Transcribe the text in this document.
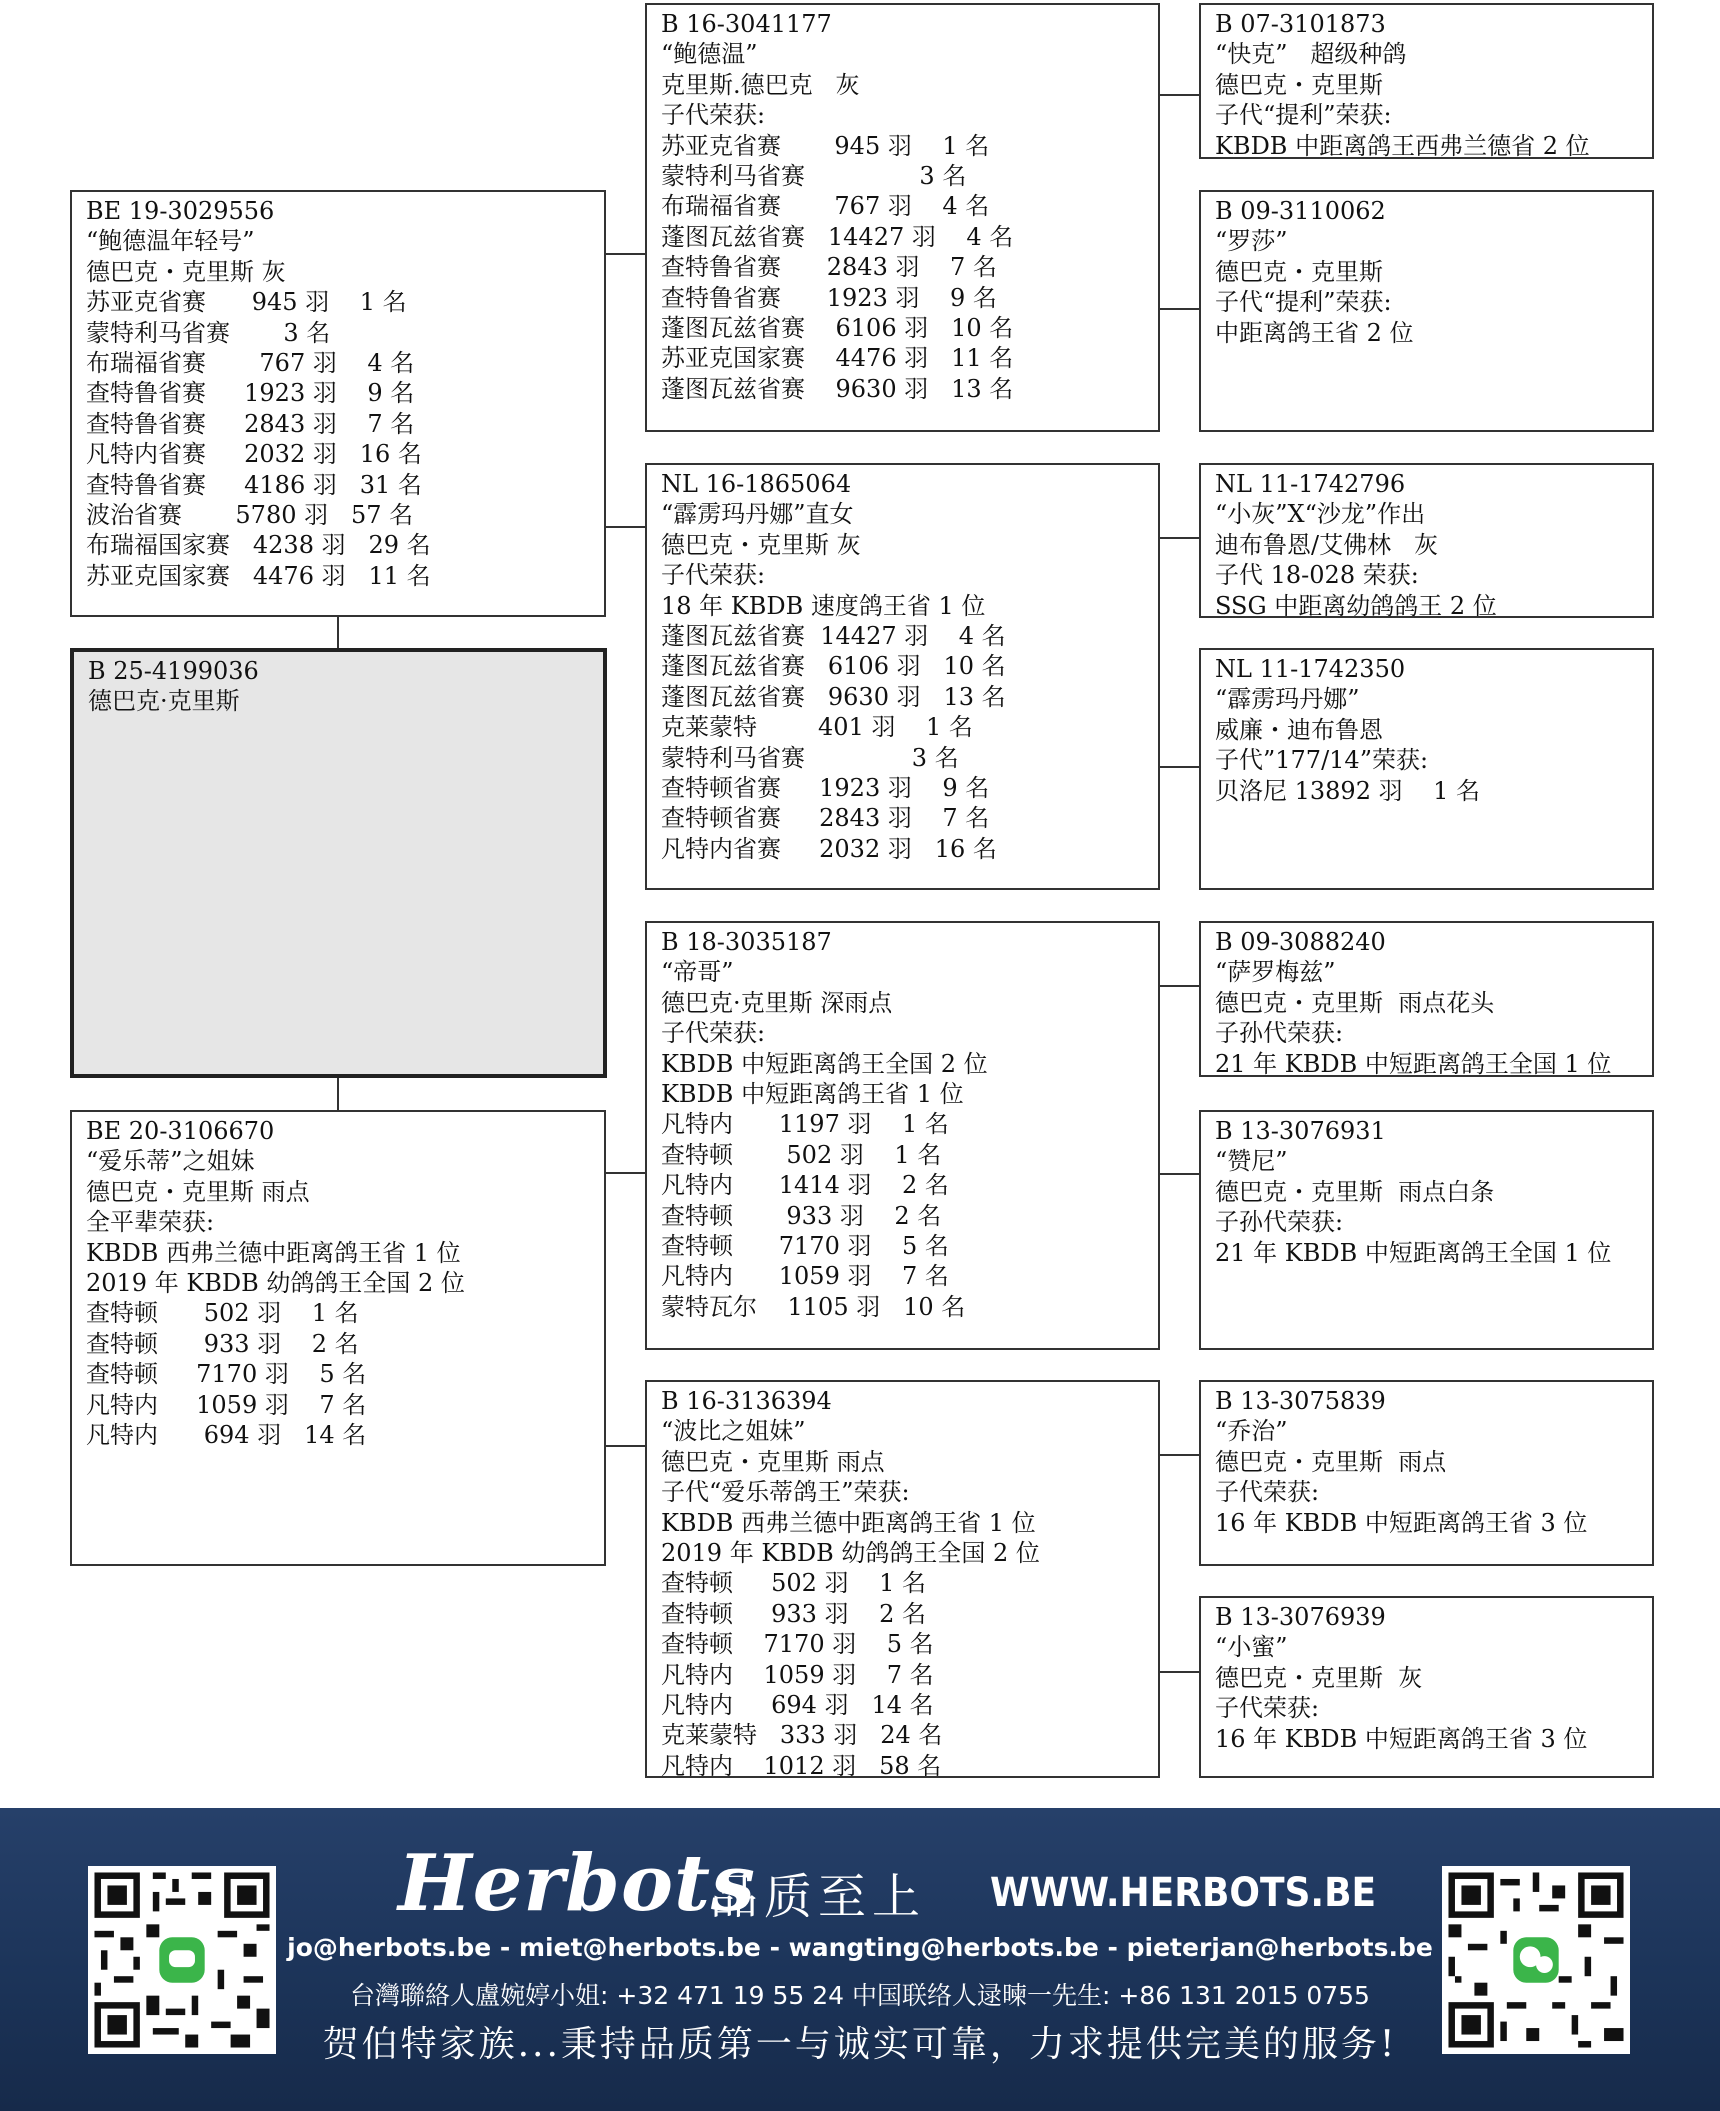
BE 19-3029556
“鲍德温年轻号”
德巴克・克里斯 灰
苏亚克省赛      945 羽    1 名
蒙特利马省赛       3 名
布瑞福省赛       767 羽    4 名
查特鲁省赛     1923 羽    9 名
查特鲁省赛     2843 羽    7 名
凡特内省赛     2032 羽   16 名
查特鲁省赛     4186 羽   31 名
波治省赛       5780 羽   57 名
布瑞福国家赛   4238 羽   29 名
苏亚克国家赛   4476 羽   11 名
B 25-4199036
德巴克·克里斯
BE 20-3106670
“爱乐蒂”之姐妹
德巴克・克里斯 雨点
全平辈荣获:
KBDB 西弗兰德中距离鸽王省 1 位
2019 年 KBDB 幼鸽鸽王全国 2 位
查特顿      502 羽    1 名
查特顿      933 羽    2 名
查特顿     7170 羽    5 名
凡特内     1059 羽    7 名
凡特内      694 羽   14 名
B 16-3041177
“鲍德温”
克里斯.德巴克   灰
子代荣获:
苏亚克省赛       945 羽    1 名
蒙特利马省赛               3 名
布瑞福省赛       767 羽    4 名
蓬图瓦兹省赛   14427 羽    4 名
查特鲁省赛      2843 羽    7 名
查特鲁省赛      1923 羽    9 名
蓬图瓦兹省赛    6106 羽   10 名
苏亚克国家赛    4476 羽   11 名
蓬图瓦兹省赛    9630 羽   13 名
NL 16-1865064
“霹雳玛丹娜”直女
德巴克・克里斯 灰
子代荣获:
18 年 KBDB 速度鸽王省 1 位
蓬图瓦兹省赛  14427 羽    4 名
蓬图瓦兹省赛   6106 羽   10 名
蓬图瓦兹省赛   9630 羽   13 名
克莱蒙特        401 羽    1 名
蒙特利马省赛              3 名
查特顿省赛     1923 羽    9 名
查特顿省赛     2843 羽    7 名
凡特内省赛     2032 羽   16 名
B 18-3035187
“帝哥”
德巴克·克里斯 深雨点
子代荣获:
KBDB 中短距离鸽王全国 2 位
KBDB 中短距离鸽王省 1 位
凡特内      1197 羽    1 名
查特顿       502 羽    1 名
凡特内      1414 羽    2 名
查特顿       933 羽    2 名
查特顿      7170 羽    5 名
凡特内      1059 羽    7 名
蒙特瓦尔    1105 羽   10 名
B 16-3136394
“波比之姐妹”
德巴克・克里斯 雨点
子代“爱乐蒂鸽王”荣获:
KBDB 西弗兰德中距离鸽王省 1 位
2019 年 KBDB 幼鸽鸽王全国 2 位
查特顿     502 羽    1 名
查特顿     933 羽    2 名
查特顿    7170 羽    5 名
凡特内    1059 羽    7 名
凡特内     694 羽   14 名
克莱蒙特   333 羽   24 名
凡特内    1012 羽   58 名
B 07-3101873
“快克”   超级种鸽
德巴克・克里斯
子代“提利”荣获:
KBDB 中距离鸽王西弗兰德省 2 位
B 09-3110062
“罗莎”
德巴克・克里斯
子代“提利”荣获:
中距离鸽王省 2 位
NL 11-1742796
“小灰”X“沙龙”作出
迪布鲁恩/艾佛林   灰
子代 18-028 荣获:
SSG 中距离幼鸽鸽王 2 位
NL 11-1742350
“霹雳玛丹娜”
威廉・迪布鲁恩
子代”177/14”荣获:
贝洛尼 13892 羽    1 名
B 09-3088240
“萨罗梅兹”
德巴克・克里斯  雨点花头
子孙代荣获:
21 年 KBDB 中短距离鸽王全国 1 位
B 13-3076931
“赞尼”
德巴克・克里斯  雨点白条
子孙代荣获:
21 年 KBDB 中短距离鸽王全国 1 位
B 13-3075839
“乔治”
德巴克・克里斯  雨点
子代荣获:
16 年 KBDB 中短距离鸽王省 3 位
B 13-3076939
“小蜜”
德巴克・克里斯  灰
子代荣获:
16 年 KBDB 中短距离鸽王省 3 位
Herbots
品质至上 WWW.HERBOTS.BE
jo@herbots.be - miet@herbots.be - wangting@herbots.be - pieterjan@herbots.be
台灣聯絡人盧婉婷小姐: +32 471 19 55 24 中国联络人逯暕一先生: +86 131 2015 0755
贺伯特家族...秉持品质第一与诚实可靠，力求提供完美的服务!
